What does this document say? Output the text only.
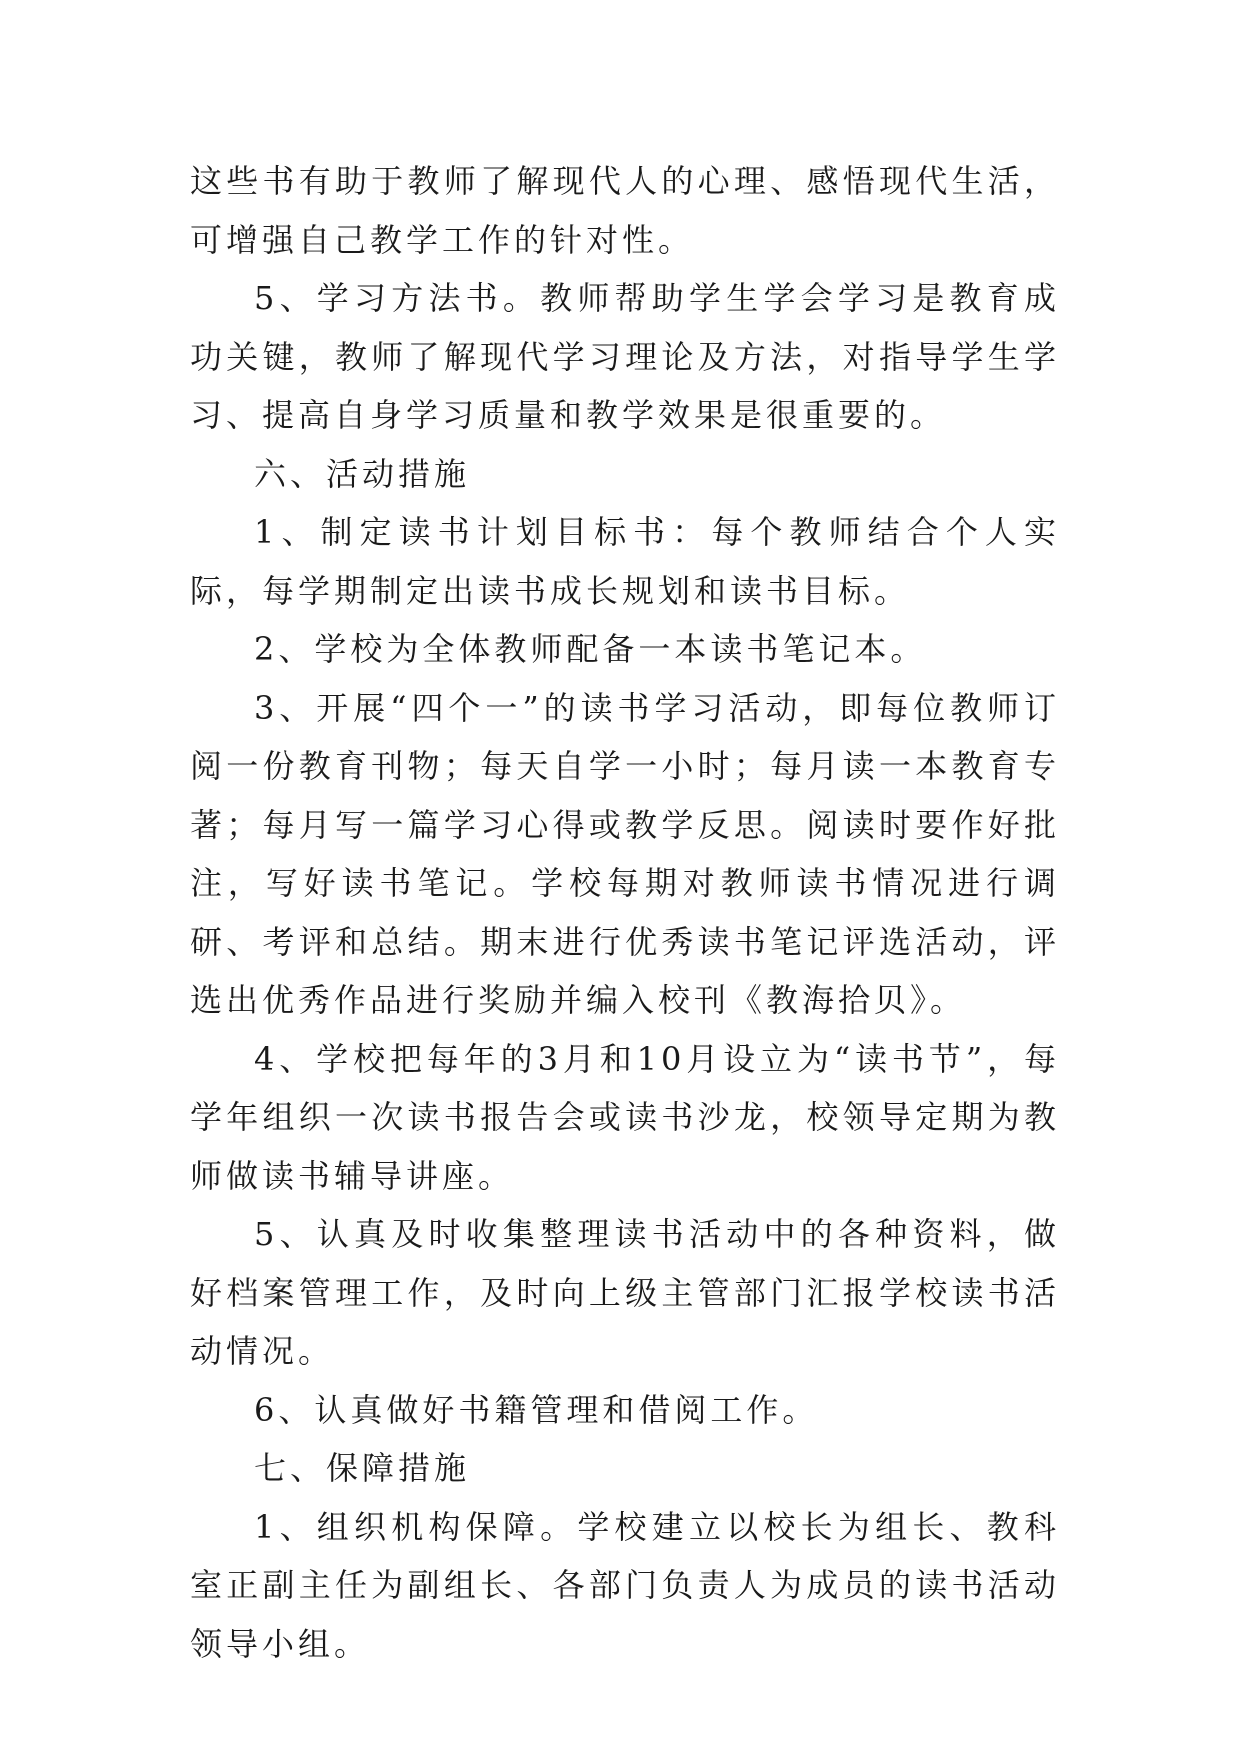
这些书有助于教师了解现代人的心理、感悟现代生活，可增强自己教学工作的针对性。

5、学习方法书。教师帮助学生学会学习是教育成功关键，教师了解现代学习理论及方法，对指导学生学习、提高自身学习质量和教学效果是很重要的。

六、活动措施

1、制定读书计划目标书：每个教师结合个人实际，每学期制定出读书成长规划和读书目标。

2、学校为全体教师配备一本读书笔记本。

3、开展“四个一”的读书学习活动，即每位教师订阅一份教育刊物；每天自学一小时；每月读一本教育专著；每月写一篇学习心得或教学反思。阅读时要作好批注，写好读书笔记。学校每期对教师读书情况进行调研、考评和总结。期末进行优秀读书笔记评选活动，评选出优秀作品进行奖励并编入校刊《教海拾贝》。

4、学校把每年的3月和10月设立为“读书节”，每学年组织一次读书报告会或读书沙龙，校领导定期为教师做读书辅导讲座。

5、认真及时收集整理读书活动中的各种资料，做好档案管理工作，及时向上级主管部门汇报学校读书活动情况。

6、认真做好书籍管理和借阅工作。

七、保障措施

1、组织机构保障。学校建立以校长为组长、教科室正副主任为副组长、各部门负责人为成员的读书活动领导小组。
